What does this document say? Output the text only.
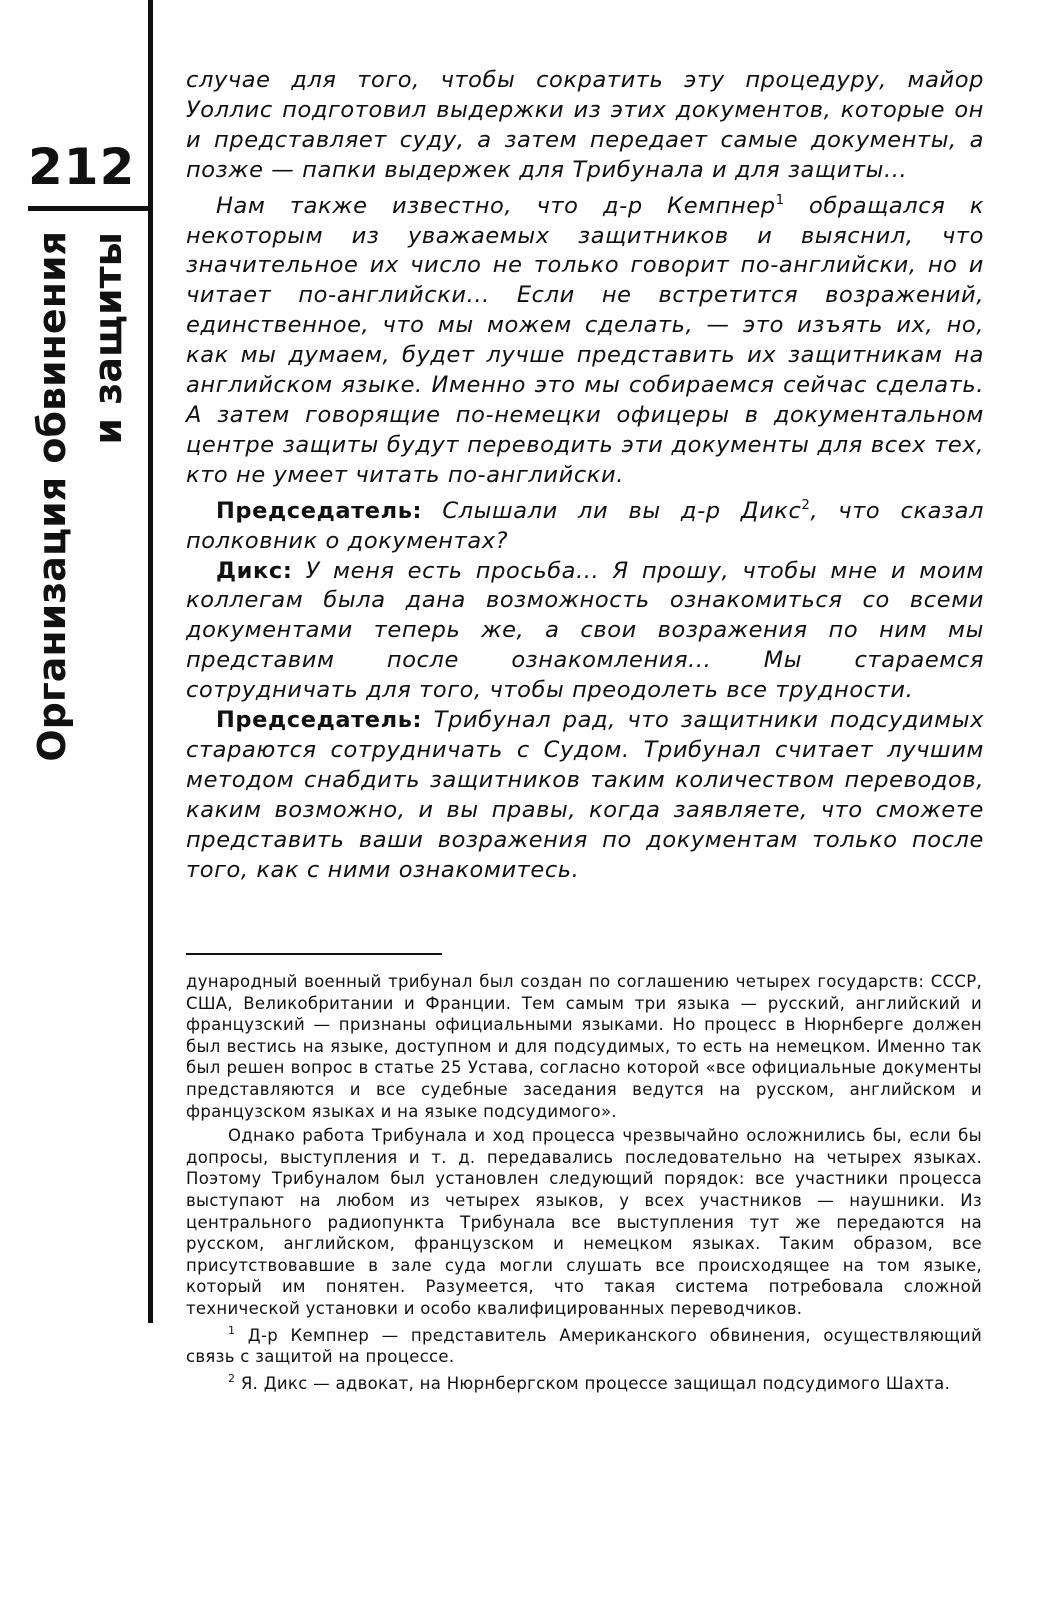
212
Организация обвинения и защиты

случае для того, чтобы сократить эту процедуру, майор Уоллис подготовил выдержки из этих документов, которые он и представляет суду, а затем передает самые документы, а позже — папки выдержек для Трибунала и для защиты...

Нам также известно, что д-р Кемпнер$^1$ обращался к некоторым из уважаемых защитников и выяснил, что значительное их число не только говорит по-английски, но и читает по-английски... Если не встретится возражений, единственное, что мы можем сделать, — это изъять их, но, как мы думаем, будет лучше представить их защитникам на английском языке. Именно это мы собираемся сейчас сделать. А затем говорящие по-немецки офицеры в документальном центре защиты будут переводить эти документы для всех тех, кто не умеет читать по-английски.

Председатель: Слышали ли вы д-р Дикс$^2$, что сказал полковник о документах?

Дикс: У меня есть просьба... Я прошу, чтобы мне и моим коллегам была дана возможность ознакомиться со всеми документами теперь же, а свои возражения по ним мы представим после ознакомления... Мы стараемся сотрудничать для того, чтобы преодолеть все трудности.

Председатель: Трибунал рад, что защитники подсудимых стараются сотрудничать с Судом. Трибунал считает лучшим методом снабдить защитников таким количеством переводов, каким возможно, и вы правы, когда заявляете, что сможете представить ваши возражения по документам только после того, как с ними ознакомитесь.

дународный военный трибунал был создан по соглашению четырех государств: СССР, США, Великобритании и Франции. Тем самым три языка — русский, английский и французский — признаны официальными языками. Но процесс в Нюрнберге должен был вестись на языке, доступном и для подсудимых, то есть на немецком. Именно так был решен вопрос в статье 25 Устава, согласно которой «все официальные документы представляются и все судебные заседания ведутся на русском, английском и французском языках и на языке подсудимого».

Однако работа Трибунала и ход процесса чрезвычайно осложнились бы, если бы допросы, выступления и т. д. передавались последовательно на четырех языках. Поэтому Трибуналом был установлен следующий порядок: все участники процесса выступают на любом из четырех языков, у всех участников — наушники. Из центрального радиопункта Трибунала все выступления тут же передаются на русском, английском, французском и немецком языках. Таким образом, все присутствовавшие в зале суда могли слушать все происходящее на том языке, который им понятен. Разумеется, что такая система потребовала сложной технической установки и особо квалифицированных переводчиков.

$^1$ Д-р Кемпнер — представитель Американского обвинения, осуществляющий связь с защитой на процессе.

$^2$ Я. Дикс — адвокат, на Нюрнбергском процессе защищал подсудимого Шахта.
